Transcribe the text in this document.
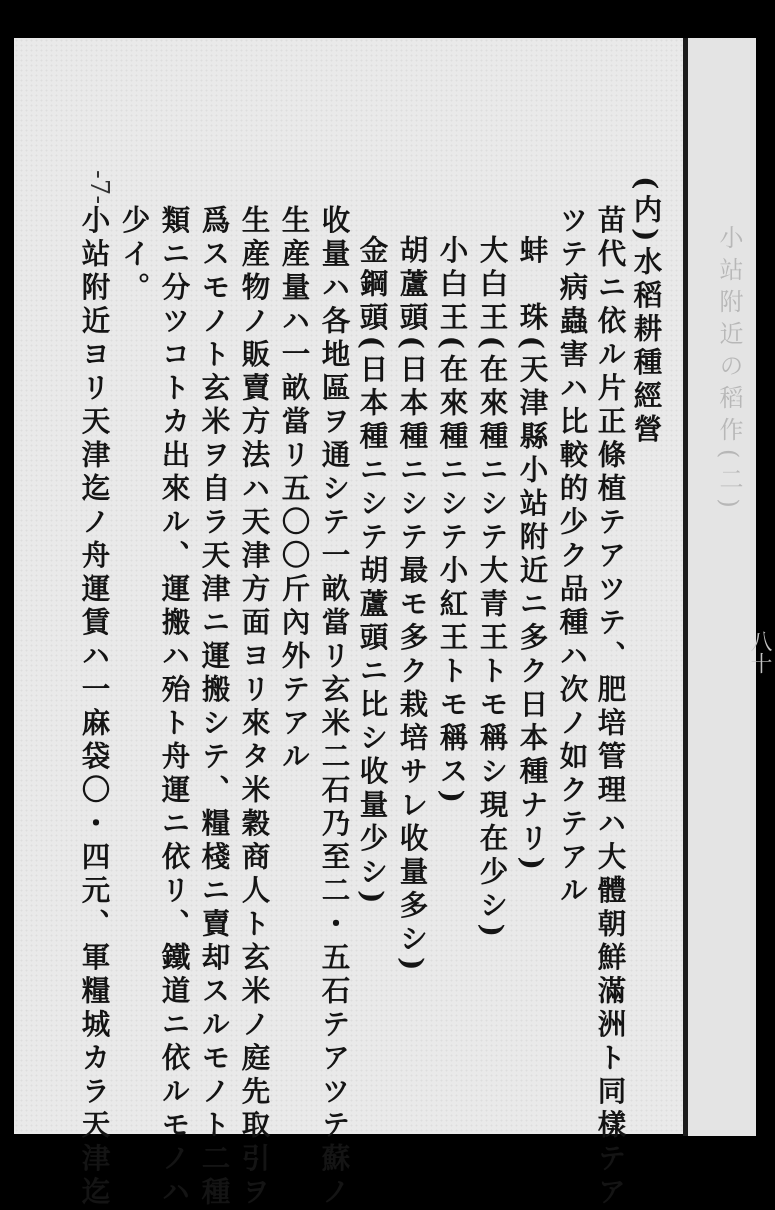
小站附近の稻作(二)
八十
(内)水稻耕種經營
苗代ニ依ル片正條植テアツテ、肥培管理ハ大體朝鮮滿洲ト同樣テア
ツテ病蟲害ハ比較的少ク品種ハ次ノ如クテアル
蚌　珠(天津縣小站附近ニ多ク日本種ナリ)
大白王(在來種ニシテ大青王トモ稱シ現在少シ)
小白王(在來種ニシテ小紅王トモ稱ス)
胡蘆頭(日本種ニシテ最モ多ク栽培サレ收量多シ)
金鋼頭(日本種ニシテ胡蘆頭ニ比シ收量少シ)
收量ハ各地區ヲ通シテ一畝當リ玄米二石乃至二・五石テアツテ蘇ノ
生産量ハ一畝當リ五〇〇斤內外テアル
生産物ノ販賣方法ハ天津方面ヨリ來タ米穀商人ト玄米ノ庭先取引ヲ
爲スモノト玄米ヲ自ラ天津ニ運搬シテ、糧棧ニ賣却スルモノト二種
類ニ分ツコトカ出來ル、運搬ハ殆ト舟運ニ依リ、鐵道ニ依ルモノハ
少イ。
小站附近ヨリ天津迄ノ舟運賃ハ一麻袋〇・四元、軍糧城カラ天津迄
-7-
